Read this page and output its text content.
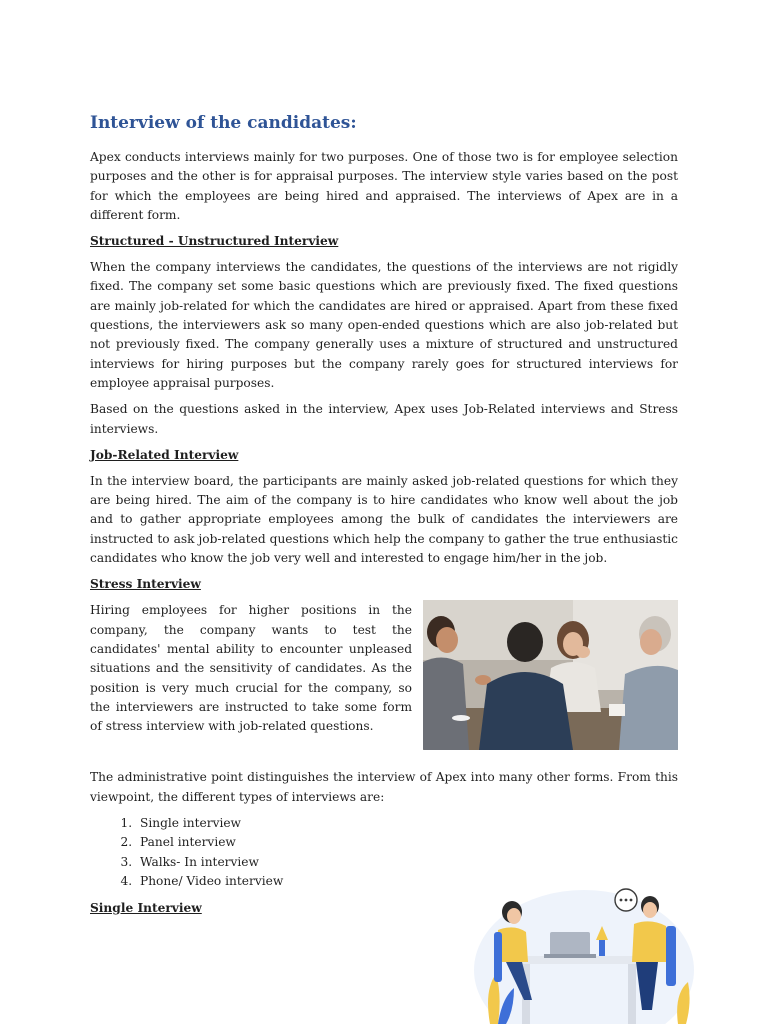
Interview of the candidates:

Apex conducts interviews mainly for two purposes. One of those two is for employee selection purposes and the other is for appraisal purposes. The interview style varies based on the post for which the employees are being hired and appraised. The interviews of Apex are in a different form.

Structured - Unstructured Interview

When the company interviews the candidates, the questions of the interviews are not rigidly fixed. The company set some basic questions which are previously fixed. The fixed questions are mainly job-related for which the candidates are hired or appraised. Apart from these fixed questions, the interviewers ask so many open-ended questions which are also job-related but not previously fixed. The company generally uses a mixture of structured and unstructured interviews for hiring purposes but the company rarely goes for structured interviews for employee appraisal purposes.

Based on the questions asked in the interview, Apex uses Job-Related interviews and Stress interviews.

Job-Related Interview

In the interview board, the participants are mainly asked job-related questions for which they are being hired. The aim of the company is to hire candidates who know well about the job and to gather appropriate employees among the bulk of candidates the interviewers are instructed to ask job-related questions which help the company to gather the true enthusiastic candidates who know the job very well and interested to engage him/her in the job.

Stress Interview

Hiring employees for higher positions in the company, the company wants to test the candidates' mental ability to encounter unpleased situations and the sensitivity of candidates. As the position is very much crucial for the company, so the interviewers are instructed to take some form of stress interview with job-related questions.

The administrative point distinguishes the interview of Apex into many other forms. From this viewpoint, the different types of interviews are:

1. Single interview
2. Panel interview
3. Walks- In interview
4. Phone/ Video interview
Single Interview
